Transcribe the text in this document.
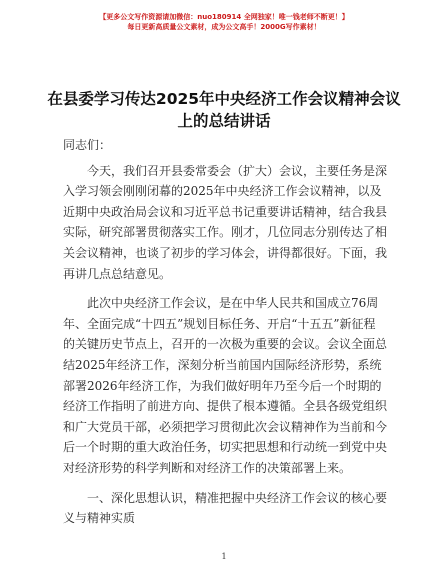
【更多公文写作资源请加微信：nuo180914 全网独家！唯一钱老师不断更！】
每日更新高质量公文素材，成为公文高手！2000G写作素材！
在县委学习传达2025年中央经济工作会议精神会议上的总结讲话

同志们：

今天，我们召开县委常委会（扩大）会议，主要任务是深入学习领会刚刚闭幕的2025年中央经济工作会议精神，以及近期中央政治局会议和习近平总书记重要讲话精神，结合我县实际，研究部署贯彻落实工作。刚才，几位同志分别传达了相关会议精神，也谈了初步的学习体会，讲得都很好。下面，我再讲几点总结意见。

此次中央经济工作会议，是在中华人民共和国成立76周年、全面完成“十四五”规划目标任务、开启“十五五”新征程的关键历史节点上，召开的一次极为重要的会议。会议全面总结2025年经济工作，深刻分析当前国内国际经济形势，系统部署2026年经济工作，为我们做好明年乃至今后一个时期的经济工作指明了前进方向、提供了根本遵循。全县各级党组织和广大党员干部，必须把学习贯彻此次会议精神作为当前和今后一个时期的重大政治任务，切实把思想和行动统一到党中央对经济形势的科学判断和对经济工作的决策部署上来。

一、深化思想认识，精准把握中央经济工作会议的核心要义与精神实质

1
